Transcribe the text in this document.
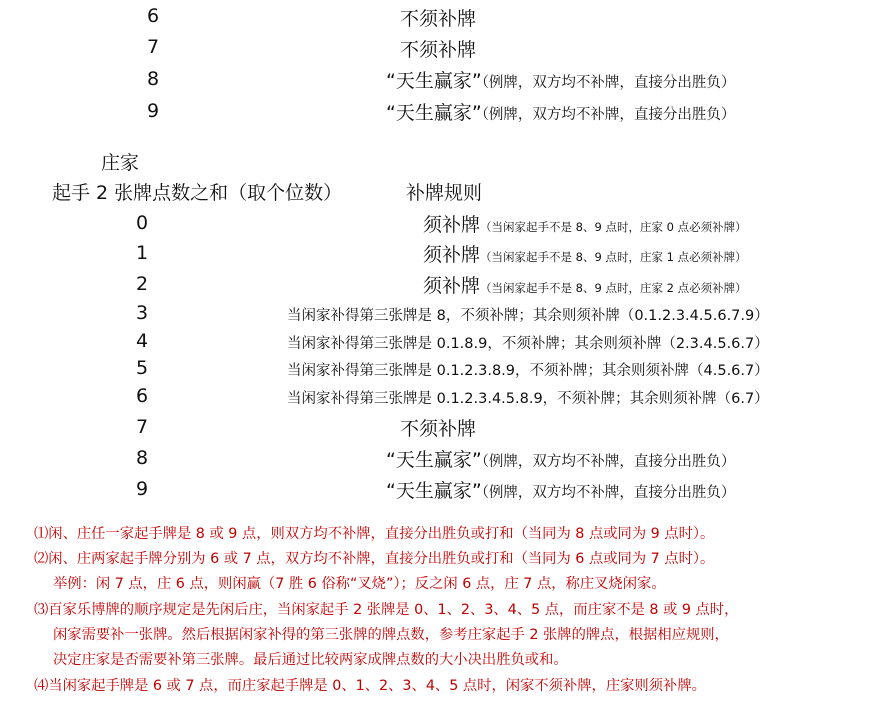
6	不须补牌
7	不须补牌
8	“天生赢家”（例牌，双方均不补牌，直接分出胜负）
9	“天生赢家”（例牌，双方均不补牌，直接分出胜负）
庄家
起手 2 张牌点数之和（取个位数）	补牌规则
0	须补牌（当闲家起手不是 8、9 点时，庄家 0 点必须补牌）
1	须补牌（当闲家起手不是 8、9 点时，庄家 1 点必须补牌）
2	须补牌（当闲家起手不是 8、9 点时，庄家 2 点必须补牌）
3	当闲家补得第三张牌是 8，不须补牌；其余则须补牌（0.1.2.3.4.5.6.7.9）
4	当闲家补得第三张牌是 0.1.8.9，不须补牌；其余则须补牌（2.3.4.5.6.7）
5	当闲家补得第三张牌是 0.1.2.3.8.9，不须补牌；其余则须补牌（4.5.6.7）
6	当闲家补得第三张牌是 0.1.2.3.4.5.8.9，不须补牌；其余则须补牌（6.7）
7	不须补牌
8	“天生赢家”（例牌，双方均不补牌，直接分出胜负）
9	“天生赢家”（例牌，双方均不补牌，直接分出胜负）
⑴闲、庄任一家起手牌是 8 或 9 点，则双方均不补牌，直接分出胜负或打和（当同为 8 点或同为 9 点时）。
⑵闲、庄两家起手牌分别为 6 或 7 点，双方均不补牌，直接分出胜负或打和（当同为 6 点或同为 7 点时）。
举例：闲 7 点，庄 6 点，则闲赢（7 胜 6 俗称“叉烧”）；反之闲 6 点，庄 7 点，称庄叉烧闲家。
⑶百家乐博牌的顺序规定是先闲后庄，当闲家起手 2 张牌是 0、1、2、3、4、5 点，而庄家不是 8 或 9 点时，
闲家需要补一张牌。然后根据闲家补得的第三张牌的牌点数，参考庄家起手 2 张牌的牌点，根据相应规则，
决定庄家是否需要补第三张牌。最后通过比较两家成牌点数的大小决出胜负或和。
⑷当闲家起手牌是 6 或 7 点，而庄家起手牌是 0、1、2、3、4、5 点时，闲家不须补牌，庄家则须补牌。
